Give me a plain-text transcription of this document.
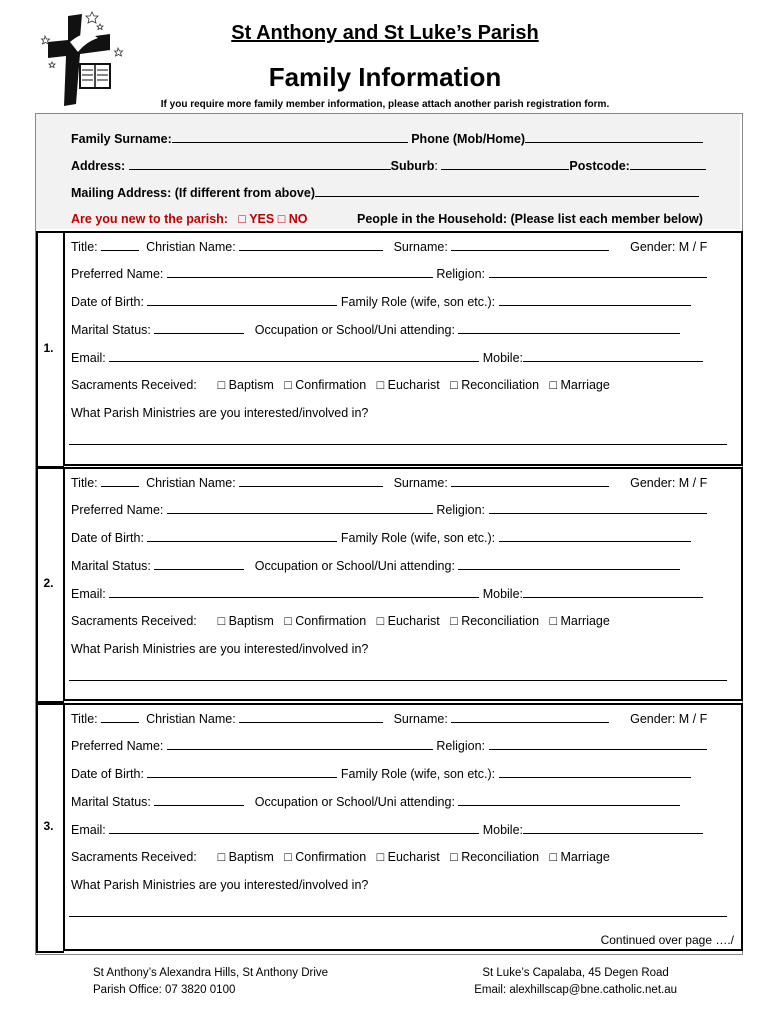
St Anthony and St Luke’s Parish
Family Information
If you require more family member information, please attach another parish registration form.
Family Surname:	Phone (Mob/Home)
Address:	Suburb:	Postcode:
Mailing Address: (If different from above)
Are you new to the parish: □ YES □ NO	People in the Household: (Please list each member below)
1.
Title:	Christian Name:	Surname:	Gender: M / F
Preferred Name:	Religion:
Date of Birth:	Family Role (wife, son etc.):
Marital Status:	Occupation or School/Uni attending:
Email:	Mobile:
Sacraments Received: □ Baptism □ Confirmation □ Eucharist □ Reconciliation □ Marriage
What Parish Ministries are you interested/involved in?
2.
Title:	Christian Name:	Surname:	Gender: M / F
Preferred Name:	Religion:
Date of Birth:	Family Role (wife, son etc.):
Marital Status:	Occupation or School/Uni attending:
Email:	Mobile:
Sacraments Received: □ Baptism □ Confirmation □ Eucharist □ Reconciliation □ Marriage
What Parish Ministries are you interested/involved in?
3.
Title:	Christian Name:	Surname:	Gender: M / F
Preferred Name:	Religion:
Date of Birth:	Family Role (wife, son etc.):
Marital Status:	Occupation or School/Uni attending:
Email:	Mobile:
Sacraments Received: □ Baptism □ Confirmation □ Eucharist □ Reconciliation □ Marriage
What Parish Ministries are you interested/involved in?
Continued over page …./
St Anthony’s Alexandra Hills, St Anthony Drive
Parish Office: 07 3820 0100
St Luke’s Capalaba, 45 Degen Road
Email: alexhillscap@bne.catholic.net.au
